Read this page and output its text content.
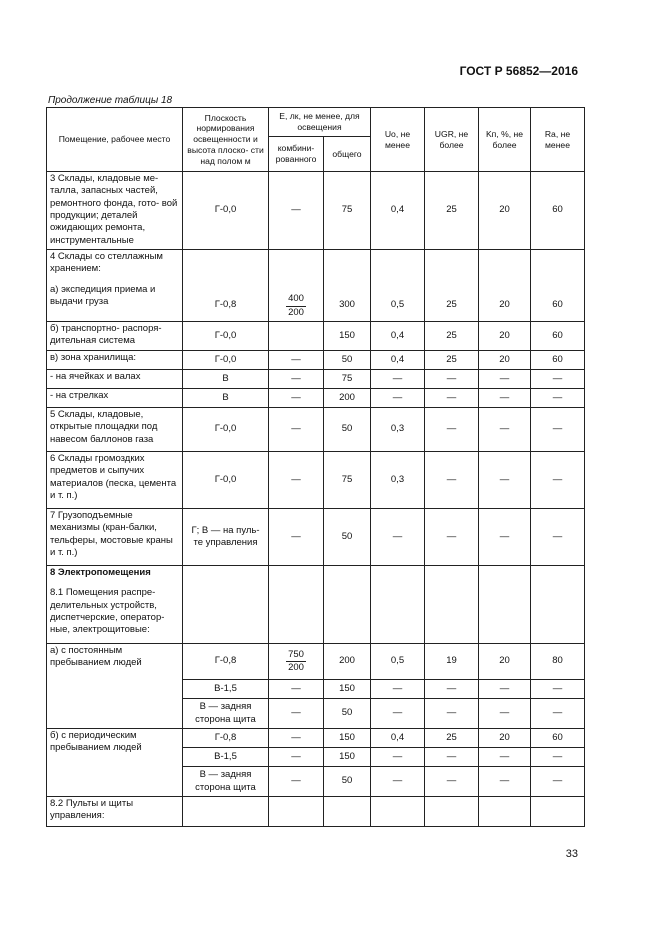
ГОСТ Р 56852—2016
Продолжение таблицы 18
Помещение, рабочее место	Плоскость нормирования освещенности и высота плоско- сти над полом м	E, лк, не менее, для освещения		Uо, не менее	UGR, не более	Kп, %, не более	Ra, не менее
		комбини- рованного	общего				
3 Склады, кладовые ме- талла, запасных частей, ремонтного фонда, гото- вой продукции; деталей ожидающих ремонта, инструментальные	Г-0,0	—	75	0,4	25	20	60

4 Склады со стеллажным хранением:
а) экспедиция приема и выдачи груза	Г-0,8	$\frac{400}{200}$	300	0,5	25	20	60
б) транспортно- распоря- дительная система	Г-0,0		150	0,4	25	20	60
в) зона хранилища:	Г-0,0	—	50	0,4	25	20	60
- на ячейках и валах	В	—	75	—	—	—	—
- на стрелках	В	—	200	—	—	—	—
5 Склады, кладовые, открытые площадки под навесом баллонов газа	Г-0,0	—	50	0,3	—	—	—
6 Склады громоздких предметов и сыпучих материалов (песка, цемента и т. п.)	Г-0,0	—	75	0,3	—	—	—
7 Грузоподъемные механизмы (кран-балки, тельферы, мостовые краны и т. п.)	Г; В — на пуль- те управления	—	50	—	—	—	—

8 Электропомещения
8.1 Помещения распре- делительных устройств, диспетчерские, оператор- ные, электрощитовые:							

а) с постоянным пребыванием людей	Г-0,8	$\frac{750}{200}$	200	0,5	19	20	80
	В-1,5	—	150	—	—	—	—
	В — задняя сторона щита	—	50	—	—	—	—
б) с периодическим пребыванием людей	Г-0,8	—	150	0,4	25	20	60
	В-1,5	—	150	—	—	—	—
	В — задняя сторона щита	—	50	—	—	—	—
8.2 Пульты и щиты управления:							
33
